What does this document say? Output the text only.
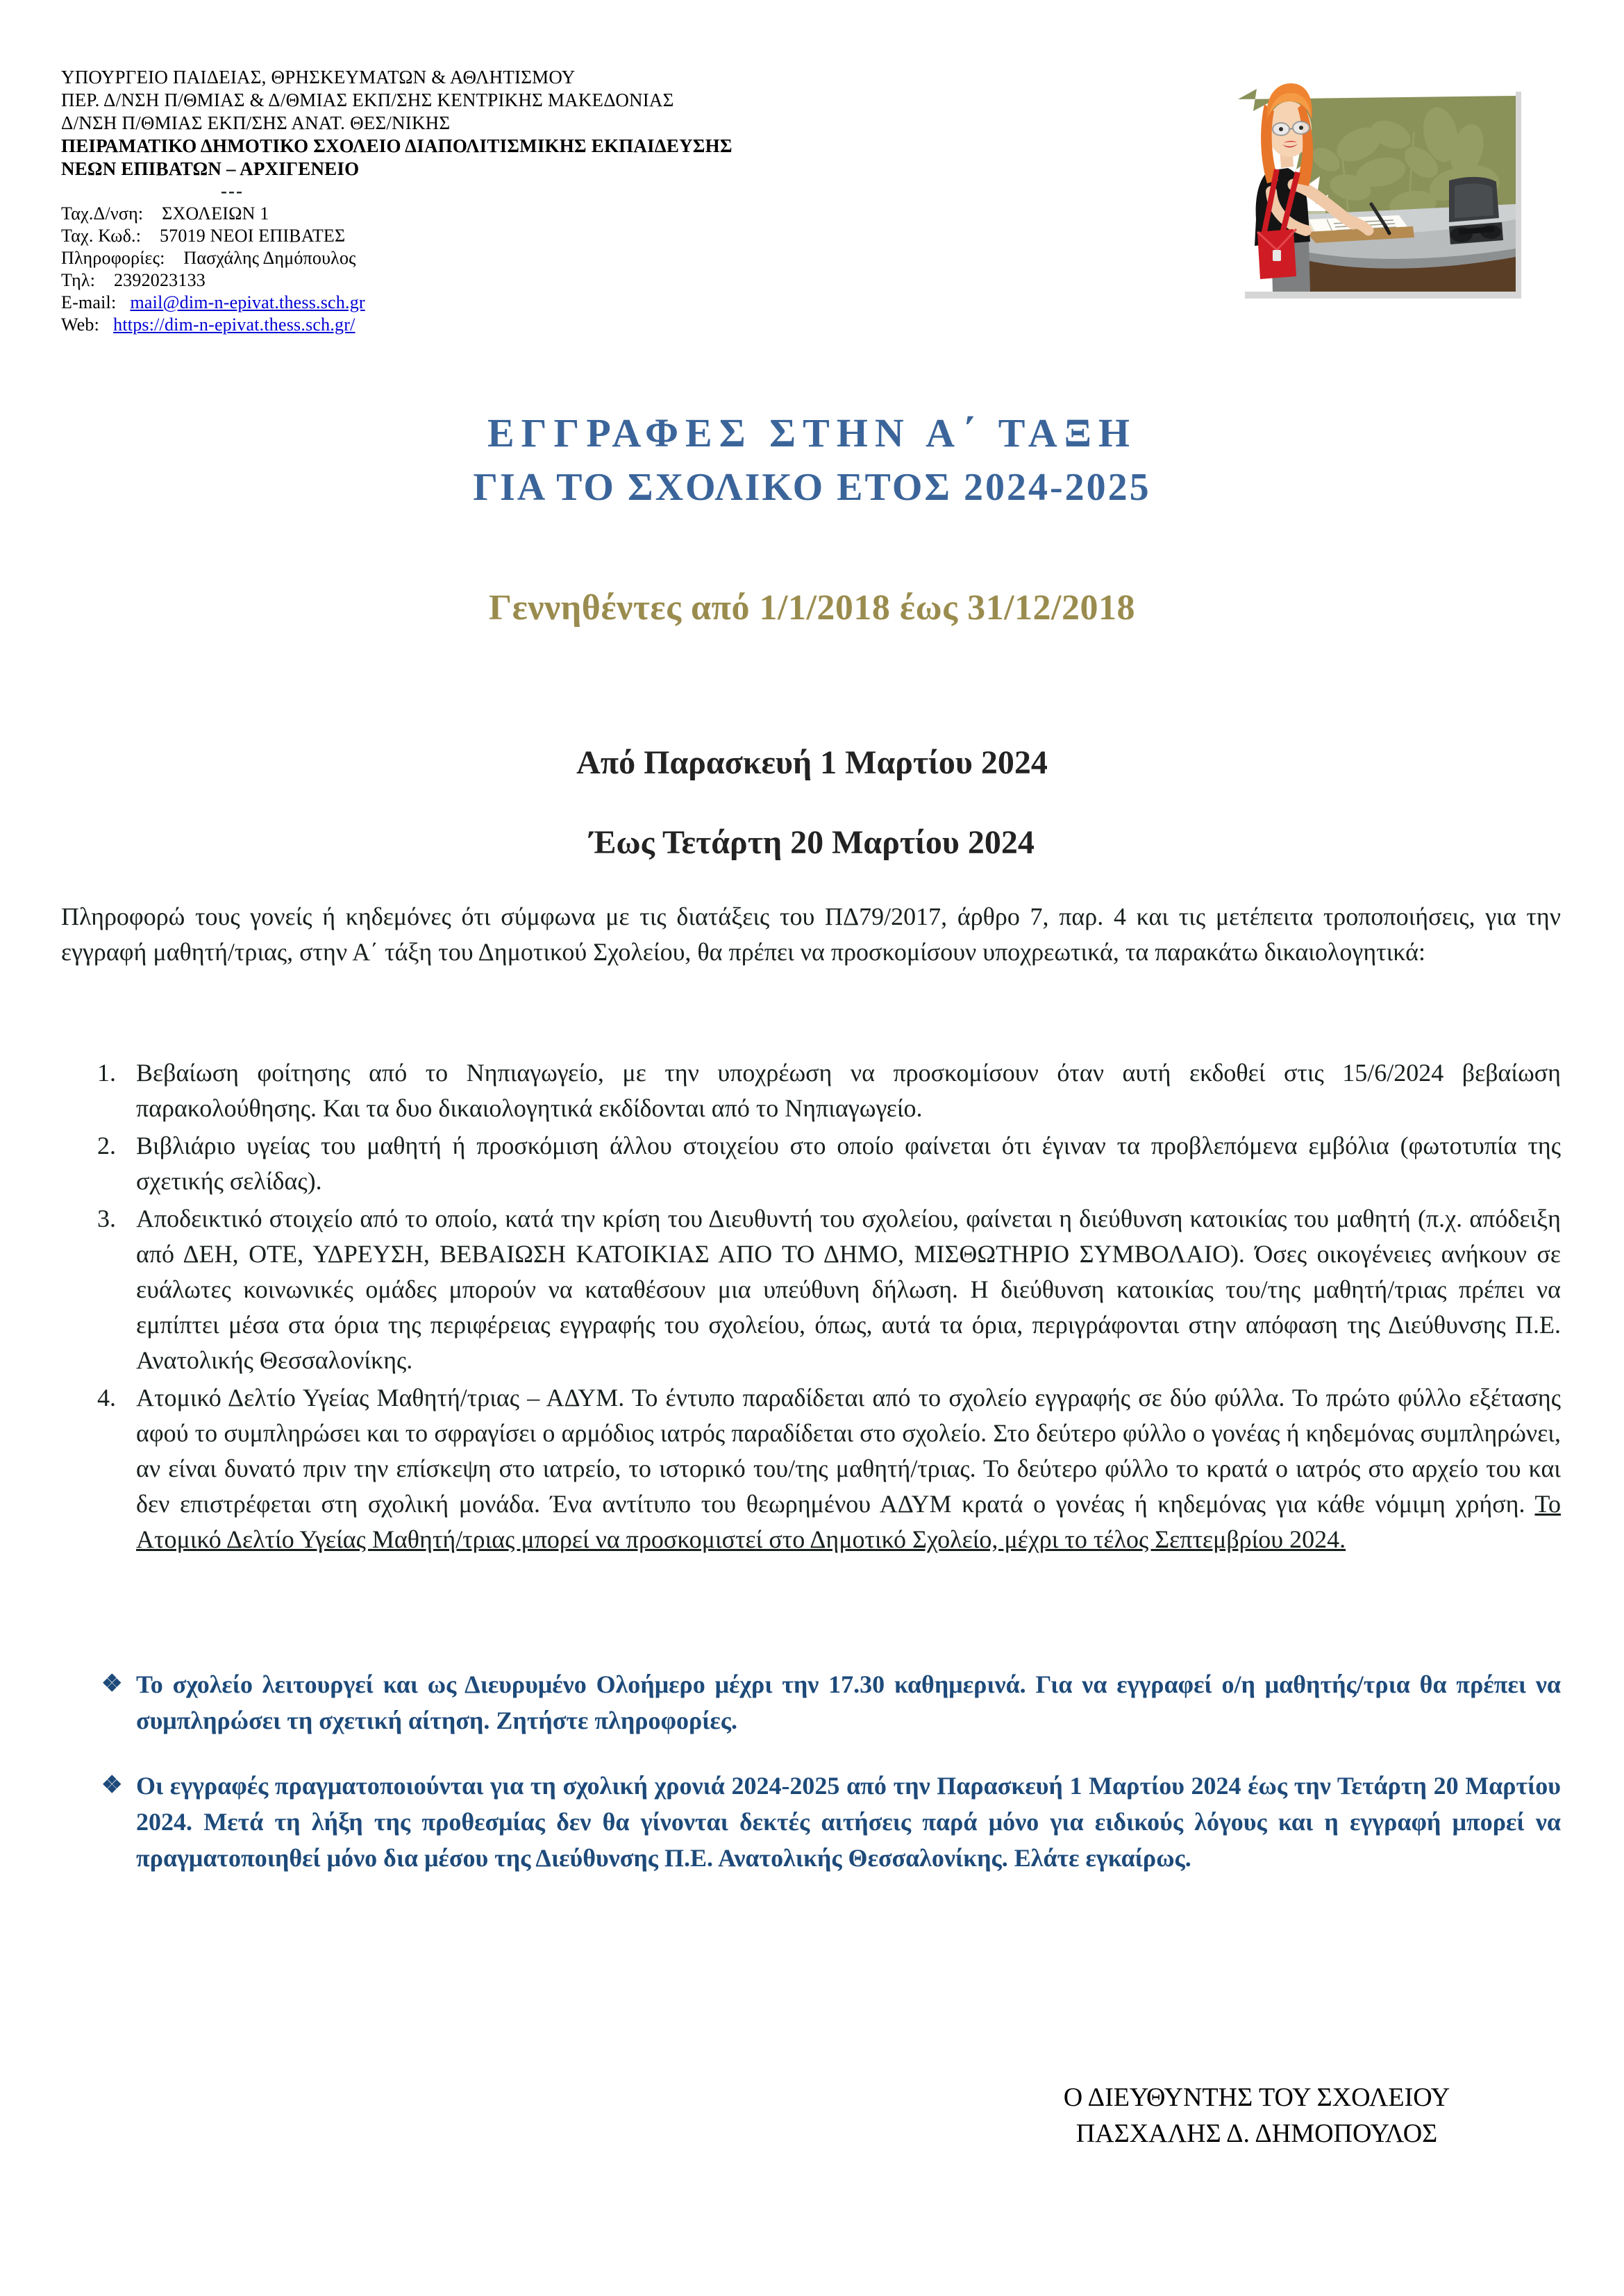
ΥΠΟΥΡΓΕΙΟ ΠΑΙΔΕΙΑΣ, ΘΡΗΣΚΕΥΜΑΤΩΝ & ΑΘΛΗΤΙΣΜΟΥ
ΠΕΡ. Δ/ΝΣΗ Π/ΘΜΙΑΣ & Δ/ΘΜΙΑΣ ΕΚΠ/ΣΗΣ ΚΕΝΤΡΙΚΗΣ ΜΑΚΕΔΟΝΙΑΣ
Δ/ΝΣΗ Π/ΘΜΙΑΣ ΕΚΠ/ΣΗΣ ΑΝΑΤ. ΘΕΣ/ΝΙΚΗΣ
ΠΕΙΡΑΜΑΤΙΚΟ ΔΗΜΟΤΙΚΟ ΣΧΟΛΕΙΟ ΔΙΑΠΟΛΙΤΙΣΜΙΚΗΣ ΕΚΠΑΙΔΕΥΣΗΣ
ΝΕΩΝ ΕΠΙΒΑΤΩΝ – ΑΡΧΙΓΕΝΕΙΟ
---
Ταχ.Δ/νση: ΣΧΟΛΕΙΩΝ 1
Ταχ. Κωδ.: 57019 ΝΕΟΙ ΕΠΙΒΑΤΕΣ
Πληροφορίες: Πασχάλης Δημόπουλος
Τηλ: 2392023133
E-mail: mail@dim-n-epivat.thess.sch.gr
Web: https://dim-n-epivat.thess.sch.gr/
ΕΓΓΡΑΦΕΣ ΣΤΗΝ Α΄ ΤΑΞΗ
ΓΙΑ ΤΟ ΣΧΟΛΙΚΟ ΕΤΟΣ 2024-2025
Γεννηθέντες από 1/1/2018 έως 31/12/2018
Από Παρασκευή 1 Μαρτίου 2024
Έως Τετάρτη 20 Μαρτίου 2024
Πληροφορώ τους γονείς ή κηδεμόνες ότι σύμφωνα με τις διατάξεις του ΠΔ79/2017, άρθρο 7, παρ. 4 και τις μετέπειτα τροποποιήσεις, για την εγγραφή μαθητή/τριας, στην Α΄ τάξη του Δημοτικού Σχολείου, θα πρέπει να προσκομίσουν υποχρεωτικά, τα παρακάτω δικαιολογητικά:
1. Βεβαίωση φοίτησης από το Νηπιαγωγείο, με την υποχρέωση να προσκομίσουν όταν αυτή εκδοθεί στις 15/6/2024 βεβαίωση παρακολούθησης. Και τα δυο δικαιολογητικά εκδίδονται από το Νηπιαγωγείο.
2. Βιβλιάριο υγείας του μαθητή ή προσκόμιση άλλου στοιχείου στο οποίο φαίνεται ότι έγιναν τα προβλεπόμενα εμβόλια (φωτοτυπία της σχετικής σελίδας).
3. Αποδεικτικό στοιχείο από το οποίο, κατά την κρίση του Διευθυντή του σχολείου, φαίνεται η διεύθυνση κατοικίας του μαθητή (π.χ. απόδειξη από ΔΕΗ, ΟΤΕ, ΥΔΡΕΥΣΗ, ΒΕΒΑΙΩΣΗ ΚΑΤΟΙΚΙΑΣ ΑΠΟ ΤΟ ΔΗΜΟ, ΜΙΣΘΩΤΗΡΙΟ ΣΥΜΒΟΛΑΙΟ). Όσες οικογένειες ανήκουν σε ευάλωτες κοινωνικές ομάδες μπορούν να καταθέσουν μια υπεύθυνη δήλωση. Η διεύθυνση κατοικίας του/της μαθητή/τριας πρέπει να εμπίπτει μέσα στα όρια της περιφέρειας εγγραφής του σχολείου, όπως, αυτά τα όρια, περιγράφονται στην απόφαση της Διεύθυνσης Π.Ε. Ανατολικής Θεσσαλονίκης.
4. Ατομικό Δελτίο Υγείας Μαθητή/τριας – ΑΔΥΜ. Το έντυπο παραδίδεται από το σχολείο εγγραφής σε δύο φύλλα. Το πρώτο φύλλο εξέτασης αφού το συμπληρώσει και το σφραγίσει ο αρμόδιος ιατρός παραδίδεται στο σχολείο. Στο δεύτερο φύλλο ο γονέας ή κηδεμόνας συμπληρώνει, αν είναι δυνατό πριν την επίσκεψη στο ιατρείο, το ιστορικό του/της μαθητή/τριας. Το δεύτερο φύλλο το κρατά ο ιατρός στο αρχείο του και δεν επιστρέφεται στη σχολική μονάδα. Ένα αντίτυπο του θεωρημένου ΑΔΥΜ κρατά ο γονέας ή κηδεμόνας για κάθε νόμιμη χρήση. Το Ατομικό Δελτίο Υγείας Μαθητή/τριας μπορεί να προσκομιστεί στο Δημοτικό Σχολείο, μέχρι το τέλος Σεπτεμβρίου 2024.
❖ Το σχολείο λειτουργεί και ως Διευρυμένο Ολοήμερο μέχρι την 17.30 καθημερινά. Για να εγγραφεί ο/η μαθητής/τρια θα πρέπει να συμπληρώσει τη σχετική αίτηση. Ζητήστε πληροφορίες.
❖ Οι εγγραφές πραγματοποιούνται για τη σχολική χρονιά 2024-2025 από την Παρασκευή 1 Μαρτίου 2024 έως την Τετάρτη 20 Μαρτίου 2024. Μετά τη λήξη της προθεσμίας δεν θα γίνονται δεκτές αιτήσεις παρά μόνο για ειδικούς λόγους και η εγγραφή μπορεί να πραγματοποιηθεί μόνο δια μέσου της Διεύθυνσης Π.Ε. Ανατολικής Θεσσαλονίκης. Ελάτε εγκαίρως.
Ο ΔΙΕΥΘΥΝΤΗΣ ΤΟΥ ΣΧΟΛΕΙΟΥ
ΠΑΣΧΑΛΗΣ Δ. ΔΗΜΟΠΟΥΛΟΣ
